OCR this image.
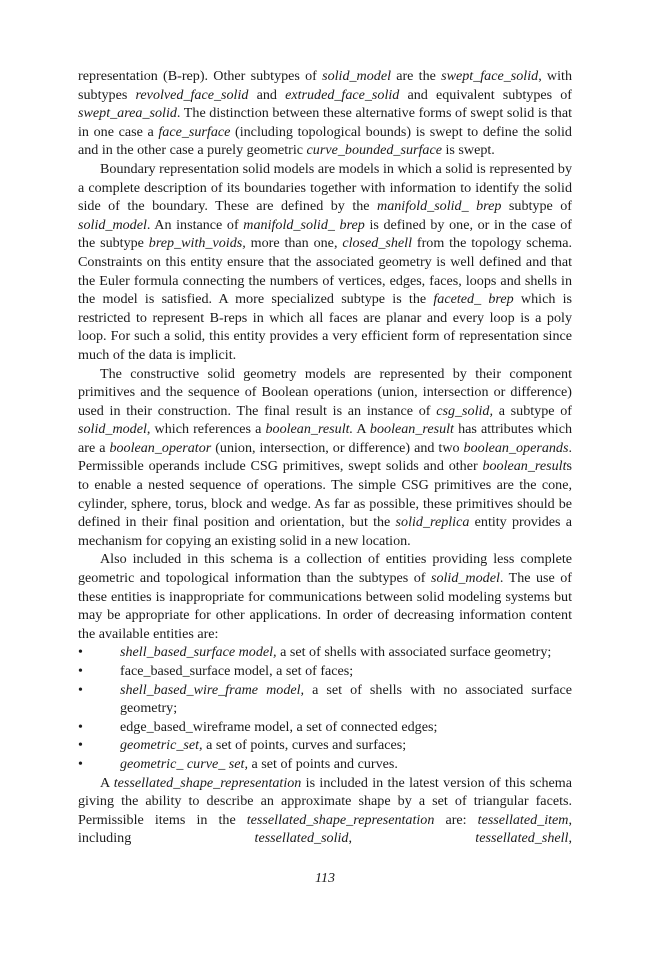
representation (B-rep). Other subtypes of solid_model are the swept_face_solid, with subtypes revolved_face_solid and extruded_face_solid and equivalent subtypes of swept_area_solid. The distinction between these alternative forms of swept solid is that in one case a face_surface (including topological bounds) is swept to define the solid and in the other case a purely geometric curve_bounded_surface is swept.

Boundary representation solid models are models in which a solid is represented by a complete description of its boundaries together with information to identify the solid side of the boundary. These are defined by the manifold_solid_ brep subtype of solid_model. An instance of manifold_solid_ brep is defined by one, or in the case of the subtype brep_with_voids, more than one, closed_shell from the topology schema. Constraints on this entity ensure that the associated geometry is well defined and that the Euler formula connecting the numbers of vertices, edges, faces, loops and shells in the model is satisfied. A more specialized subtype is the faceted_ brep which is restricted to represent B-reps in which all faces are planar and every loop is a poly loop. For such a solid, this entity provides a very efficient form of representation since much of the data is implicit.

The constructive solid geometry models are represented by their component primitives and the sequence of Boolean operations (union, intersection or difference) used in their construction. The final result is an instance of csg_solid, a subtype of solid_model, which references a boolean_result. A boolean_result has attributes which are a boolean_operator (union, intersection, or difference) and two boolean_operands. Permissible operands include CSG primitives, swept solids and other boolean_results to enable a nested sequence of operations. The simple CSG primitives are the cone, cylinder, sphere, torus, block and wedge. As far as possible, these primitives should be defined in their final position and orientation, but the solid_replica entity provides a mechanism for copying an existing solid in a new location.

Also included in this schema is a collection of entities providing less complete geometric and topological information than the subtypes of solid_model. The use of these entities is inappropriate for communications between solid modeling systems but may be appropriate for other applications. In order of decreasing information content the available entities are:

•	shell_based_surface model, a set of shells with associated surface geometry;
•	face_based_surface model, a set of faces;
•	shell_based_wire_frame model, a set of shells with no associated surface geometry;
•	edge_based_wireframe model, a set of connected edges;
•	geometric_set, a set of points, curves and surfaces;
•	geometric_ curve_ set, a set of points and curves.

A tessellated_shape_representation is included in the latest version of this schema giving the ability to describe an approximate shape by a set of triangular facets. Permissible items in the tessellated_shape_representation are: tessellated_item, including tessellated_solid, tessellated_shell,

113
